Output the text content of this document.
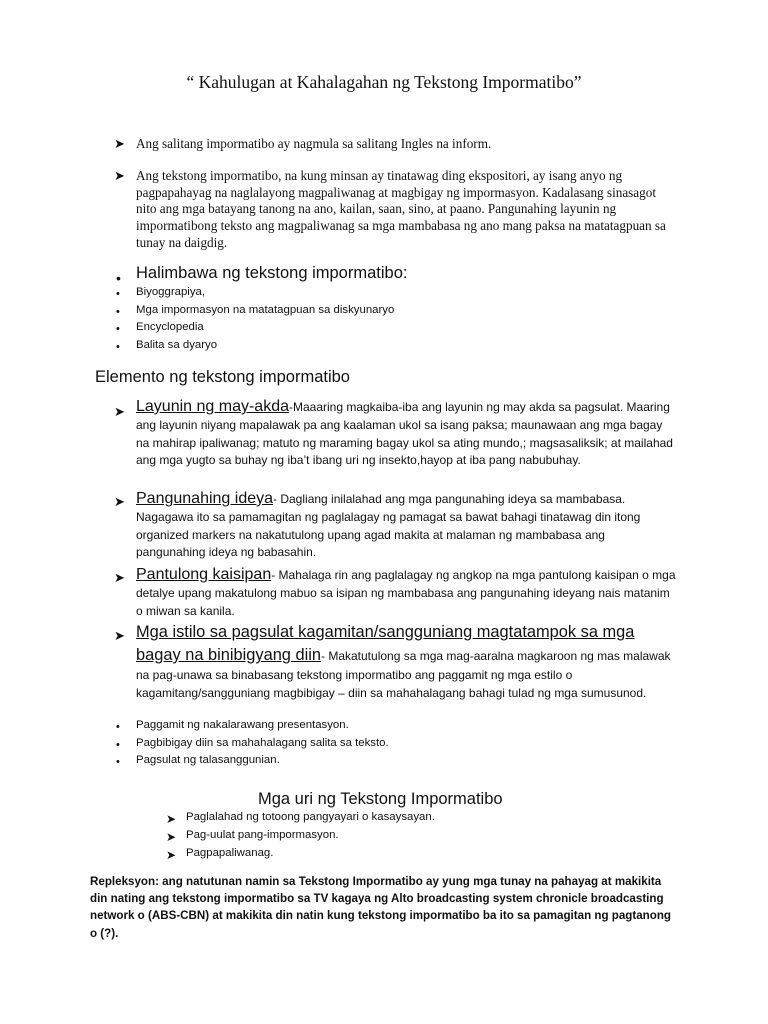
“ Kahulugan at Kahalagahan ng Tekstong Impormatibo”
➤ Ang salitang impormatibo ay nagmula sa salitang Ingles na inform.
➤ Ang tekstong impormatibo, na kung minsan ay tinatawag ding ekspositori, ay isang anyo ng pagpapahayag na naglalayong magpaliwanag at magbigay ng impormasyon. Kadalasang sinasagot nito ang mga batayang tanong na ano, kailan, saan, sino, at paano. Pangunahing layunin ng impormatibong teksto ang magpaliwanag sa mga mambabasa ng ano mang paksa na matatagpuan sa tunay na daigdig.
• Halimbawa ng tekstong impormatibo:
• Biyoggrapiya,
• Mga impormasyon na matatagpuan sa diskyunaryo
• Encyclopedia
• Balita sa dyaryo
Elemento ng tekstong impormatibo
➤ Layunin ng may-akda-Maaaring magkaiba-iba ang layunin ng may akda sa pagsulat. Maaring ang layunin niyang mapalawak pa ang kaalaman ukol sa isang paksa; maunawaan ang mga bagay na mahirap ipaliwanag; matuto ng maraming bagay ukol sa ating mundo,; magsasaliksik; at mailahad ang mga yugto sa buhay ng iba’t ibang uri ng insekto,hayop at iba pang nabubuhay.
➤ Pangunahing ideya- Dagliang inilalahad ang mga pangunahing ideya sa mambabasa. Nagagawa ito sa pamamagitan ng paglalagay ng pamagat sa bawat bahagi tinatawag din itong organized markers na nakatutulong upang agad makita at malaman ng mambabasa ang pangunahing ideya ng babasahin.
➤ Pantulong kaisipan- Mahalaga rin ang paglalagay ng angkop na mga pantulong kaisipan o mga detalye upang makatulong mabuo sa isipan ng mambabasa ang pangunahing ideyang nais matanim o miwan sa kanila.
➤ Mga istilo sa pagsulat kagamitan/sangguniang magtatampok sa mga bagay na binibigyang diin- Makatutulong sa mga mag-aaralna magkaroon ng mas malawak na pag-unawa sa binabasang tekstong impormatibo ang paggamit ng mga estilo o kagamitang/sangguniang magbibigay – diin sa mahahalagang bahagi tulad ng mga sumusunod.
• Paggamit ng nakalarawang presentasyon.
• Pagbibigay diin sa mahahalagang salita sa teksto.
• Pagsulat ng talasanggunian.
Mga uri ng Tekstong Impormatibo
➤ Paglalahad ng totoong pangyayari o kasaysayan.
➤ Pag-uulat pang-impormasyon.
➤ Pagpapaliwanag.
Repleksyon: ang natutunan namin sa Tekstong Impormatibo ay yung mga tunay na pahayag at makikita din nating ang tekstong impormatibo sa TV kagaya ng Alto broadcasting system chronicle broadcasting network o (ABS-CBN) at makikita din natin kung tekstong impormatibo ba ito sa pamagitan ng pagtanong o (?).
